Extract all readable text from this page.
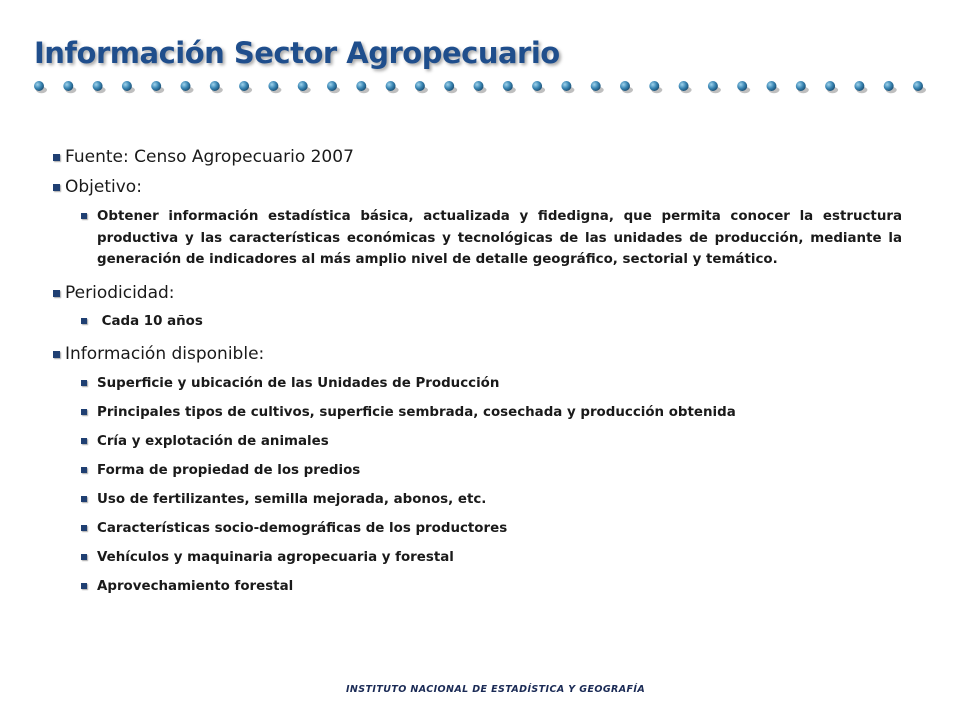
Información Sector Agropecuario
Fuente: Censo Agropecuario 2007
Objetivo:
Obtener información estadística básica, actualizada y fidedigna, que permita conocer la estructura productiva y las características económicas y tecnológicas de las unidades de producción, mediante la generación de indicadores al más amplio nivel de detalle geográfico, sectorial y temático.
Periodicidad:
Cada 10 años
Información disponible:
Superficie y ubicación de las Unidades de Producción
Principales tipos de cultivos, superficie sembrada, cosechada y producción obtenida
Cría y explotación de animales
Forma de propiedad de los predios
Uso de fertilizantes, semilla mejorada, abonos, etc.
Características socio-demográficas de los productores
Vehículos y maquinaria agropecuaria y forestal
Aprovechamiento forestal
INSTITUTO NACIONAL DE ESTADÍSTICA Y GEOGRAFÍA
